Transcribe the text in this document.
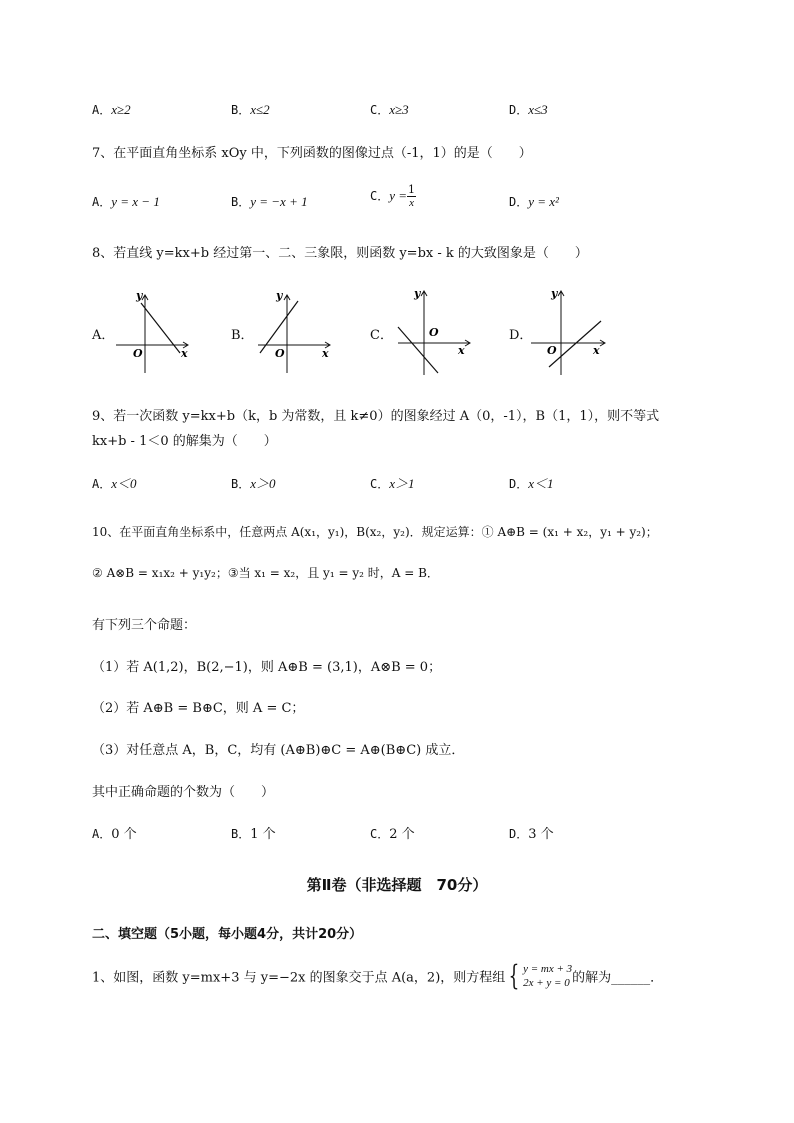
A．x≥2	B．x≤2	C．x≥3	D．x≤3
7、在平面直角坐标系 xOy 中，下列函数的图像过点（-1，1）的是（　　）
A．y = x − 1	B．y = −x + 1	C．$y = \frac{1}{x}$	D．y = x²
8、若直线 y=kx+b 经过第一、二、三象限，则函数 y=bx - k 的大致图象是（　　）
A．
y
x
O
B．
y
x
O
C．
y
x
O	D．
y
x
O
9、若一次函数 y=kx+b（k，b 为常数，且 k≠0）的图象经过 A（0，-1），B（1，1），则不等式
kx+b - 1＜0 的解集为（　　）
A．x＜0	B．x＞0	C．x＞1	D．x＜1
10、在平面直角坐标系中，任意两点 A(x₁，y₁)，B(x₂，y₂)．规定运算：① A⊕B = (x₁ + x₂，y₁ + y₂)；
② A⊗B = x₁x₂ + y₁y₂；③当 x₁ = x₂，且 y₁ = y₂ 时，A = B．
有下列三个命题：
（1）若 A(1,2)，B(2,−1)，则 A⊕B = (3,1)，A⊗B = 0；
（2）若 A⊕B = B⊕C，则 A = C；
（3）对任意点 A，B，C，均有 (A⊕B)⊕C = A⊕(B⊕C) 成立．
其中正确命题的个数为（　　）
A．0 个	B．1 个	C．2 个	D．3 个
第Ⅱ卷（非选择题　70分）
二、填空题（5小题，每小题4分，共计20分）
1、如图，函数 y=mx+3 与 y=−2x 的图象交于点 A(a，2)，则方程组 { y = mx + 3
2x + y = 0 的解为______．
